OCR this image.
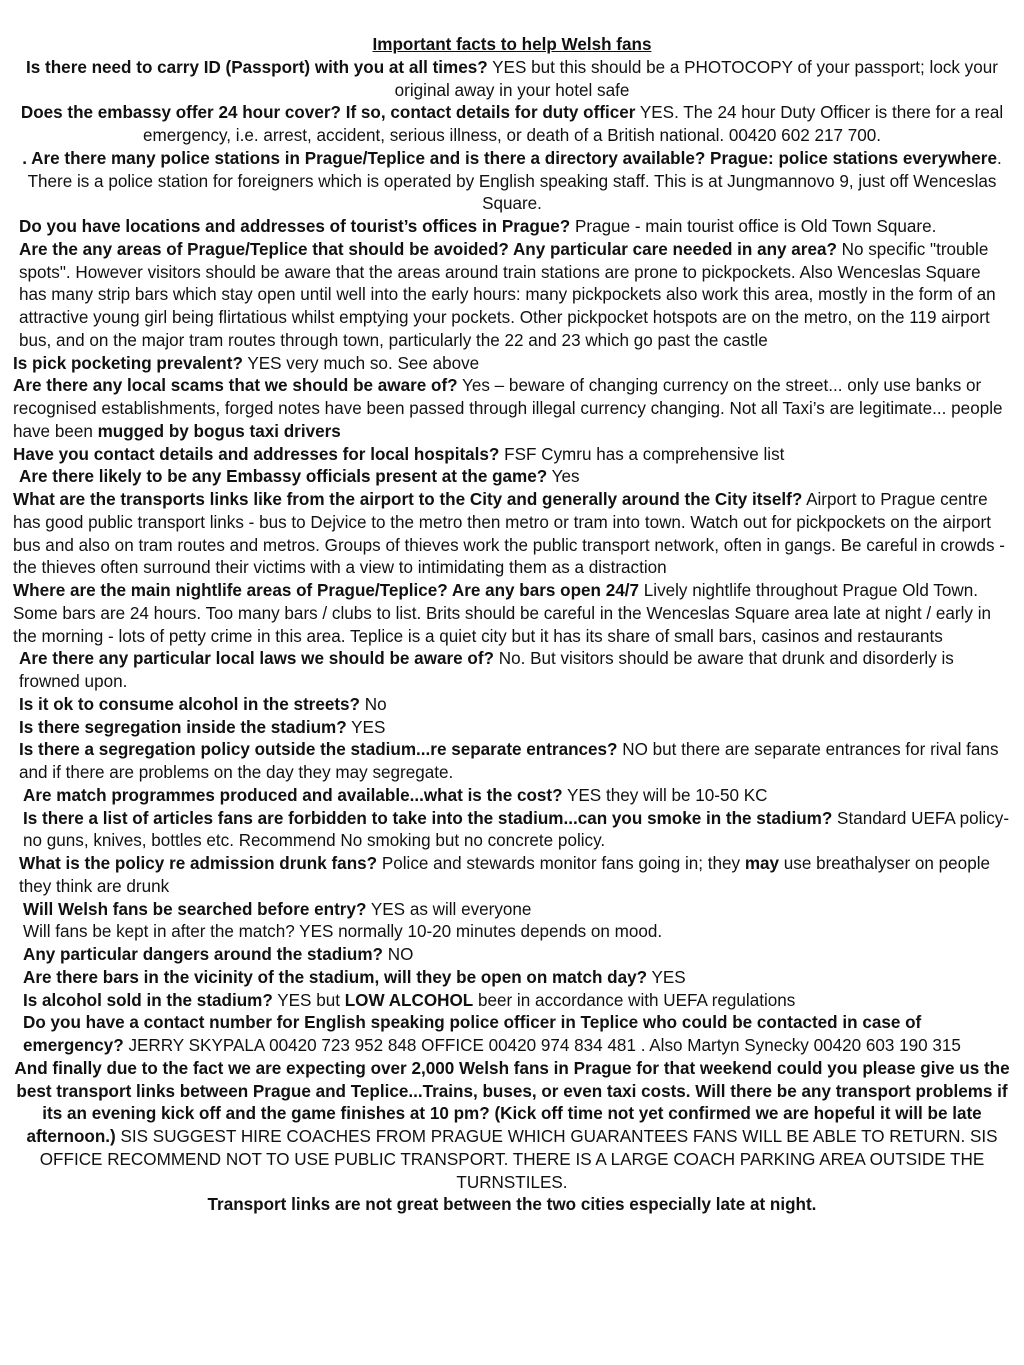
Important facts to help Welsh fans

Is there need to carry ID (Passport) with you at all times? YES but this should be a PHOTOCOPY of your passport; lock your original away in your hotel safe

Does the embassy offer 24 hour cover? If so, contact details for duty officer YES. The 24 hour Duty Officer is there for a real emergency, i.e. arrest, accident, serious illness, or death of a British national. 00420 602 217 700.

. Are there many police stations in Prague/Teplice and is there a directory available? Prague: police stations everywhere. There is a police station for foreigners which is operated by English speaking staff. This is at Jungmannovo 9, just off Wenceslas Square.

Do you have locations and addresses of tourist’s offices in Prague? Prague - main tourist office is Old Town Square.

Are the any areas of Prague/Teplice that should be avoided? Any particular care needed in any area? No specific "trouble spots". However visitors should be aware that the areas around train stations are prone to pickpockets. Also Wenceslas Square has many strip bars which stay open until well into the early hours: many pickpockets also work this area, mostly in the form of an attractive young girl being flirtatious whilst emptying your pockets. Other pickpocket hotspots are on the metro, on the 119 airport bus, and on the major tram routes through town, particularly the 22 and 23 which go past the castle

Is pick pocketing prevalent? YES very much so. See above

Are there any local scams that we should be aware of? Yes – beware of changing currency on the street... only use banks or recognised establishments, forged notes have been passed through illegal currency changing. Not all Taxi’s are legitimate... people have been mugged by bogus taxi drivers

Have you contact details and addresses for local hospitals? FSF Cymru has a comprehensive list

Are there likely to be any Embassy officials present at the game? Yes

What are the transports links like from the airport to the City and generally around the City itself? Airport to Prague centre has good public transport links - bus to Dejvice to the metro then metro or tram into town. Watch out for pickpockets on the airport bus and also on tram routes and metros. Groups of thieves work the public transport network, often in gangs. Be careful in crowds - the thieves often surround their victims with a view to intimidating them as a distraction

Where are the main nightlife areas of Prague/Teplice? Are any bars open 24/7 Lively nightlife throughout Prague Old Town. Some bars are 24 hours. Too many bars / clubs to list. Brits should be careful in the Wenceslas Square area late at night / early in the morning - lots of petty crime in this area. Teplice is a quiet city but it has its share of small bars, casinos and restaurants

Are there any particular local laws we should be aware of? No. But visitors should be aware that drunk and disorderly is frowned upon.

Is it ok to consume alcohol in the streets? No

Is there segregation inside the stadium? YES

Is there a segregation policy outside the stadium...re separate entrances? NO but there are separate entrances for rival fans and if there are problems on the day they may segregate.

Are match programmes produced and available...what is the cost? YES they will be 10-50 KC

Is there a list of articles fans are forbidden to take into the stadium...can you smoke in the stadium? Standard UEFA policy-no guns, knives, bottles etc. Recommend No smoking but no concrete policy.

What is the policy re admission drunk fans? Police and stewards monitor fans going in; they may use breathalyser on people they think are drunk

Will Welsh fans be searched before entry? YES as will everyone

Will fans be kept in after the match? YES normally 10-20 minutes depends on mood.

Any particular dangers around the stadium? NO

Are there bars in the vicinity of the stadium, will they be open on match day? YES

Is alcohol sold in the stadium? YES but LOW ALCOHOL beer in accordance with UEFA regulations

Do you have a contact number for English speaking police officer in Teplice who could be contacted in case of emergency? JERRY SKYPALA 00420 723 952 848 OFFICE 00420 974 834 481 . Also Martyn Synecky 00420 603 190 315

And finally due to the fact we are expecting over 2,000 Welsh fans in Prague for that weekend could you please give us the best transport links between Prague and Teplice...Trains, buses, or even taxi costs. Will there be any transport problems if its an evening kick off and the game finishes at 10 pm? (Kick off time not yet confirmed we are hopeful it will be late afternoon.) SIS SUGGEST HIRE COACHES FROM PRAGUE WHICH GUARANTEES FANS WILL BE ABLE TO RETURN. SIS OFFICE RECOMMEND NOT TO USE PUBLIC TRANSPORT. THERE IS A LARGE COACH PARKING AREA OUTSIDE THE TURNSTILES.

Transport links are not great between the two cities especially late at night.
